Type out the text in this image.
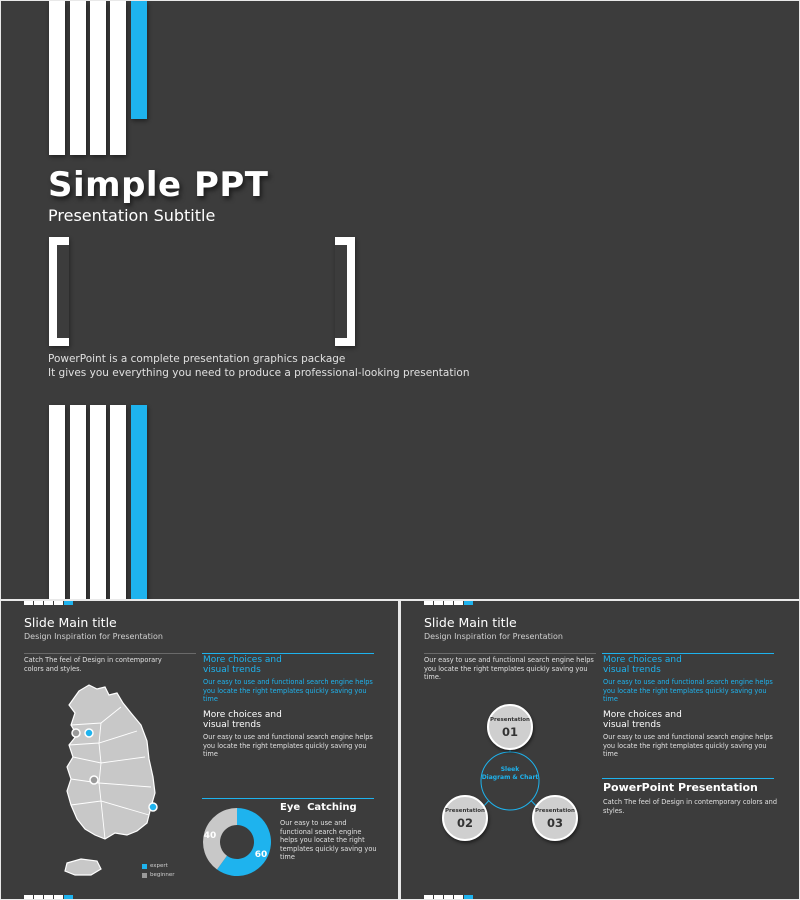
Simple PPT
Presentation Subtitle
PowerPoint is a complete presentation graphics package
It gives you everything you need to produce a professional-looking presentation
Slide Main title
Design Inspiration for Presentation
Catch The feel of Design in contemporary colors and styles.
expert
beginner
More choices and visual trends
Our easy to use and functional search engine helps you locate the right templates quickly saving you time
More choices and visual trends
Our easy to use and functional search engine helps you locate the right templates quickly saving you time
60
40
Eye  Catching
Our easy to use and functional search engine helps you locate the right templates quickly saving you time
Slide Main title
Design Inspiration for Presentation
Our easy to use and functional search engine helps you locate the right templates quickly saving you time.
Sleek
Diagram & Chart
Presentation
01
Presentation
02
Presentation
03
More choices and visual trends
Our easy to use and functional search engine helps you locate the right templates quickly saving you time
More choices and visual trends
Our easy to use and functional search engine helps you locate the right templates quickly saving you time
PowerPoint Presentation
Catch The feel of Design in contemporary colors and styles.
